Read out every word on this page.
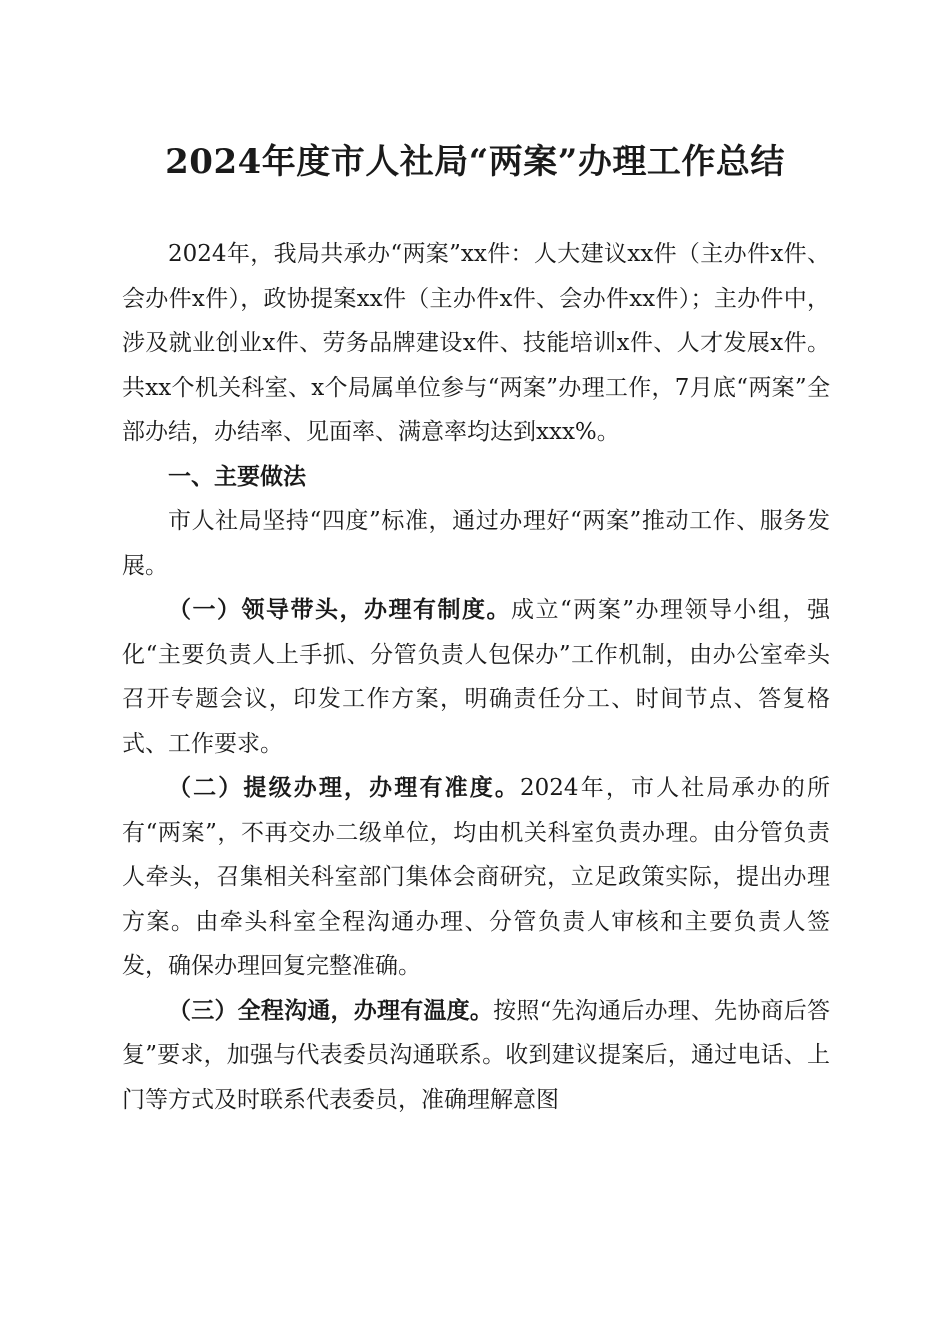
2024年度市人社局“两案”办理工作总结

2024年，我局共承办“两案”xx件：人大建议xx件（主办件x件、会办件x件），政协提案xx件（主办件x件、会办件xx件）；主办件中，涉及就业创业x件、劳务品牌建设x件、技能培训x件、人才发展x件。共xx个机关科室、x个局属单位参与“两案”办理工作，7月底“两案”全部办结，办结率、见面率、满意率均达到xxx%。

一、主要做法

市人社局坚持“四度”标准，通过办理好“两案”推动工作、服务发展。

（一）领导带头，办理有制度。成立“两案”办理领导小组，强化“主要负责人上手抓、分管负责人包保办”工作机制，由办公室牵头召开专题会议，印发工作方案，明确责任分工、时间节点、答复格式、工作要求。

（二）提级办理，办理有准度。2024年，市人社局承办的所有“两案”，不再交办二级单位，均由机关科室负责办理。由分管负责人牵头，召集相关科室部门集体会商研究，立足政策实际，提出办理方案。由牵头科室全程沟通办理、分管负责人审核和主要负责人签发，确保办理回复完整准确。

（三）全程沟通，办理有温度。按照“先沟通后办理、先协商后答复”要求，加强与代表委员沟通联系。收到建议提案后，通过电话、上门等方式及时联系代表委员，准确理解意图
